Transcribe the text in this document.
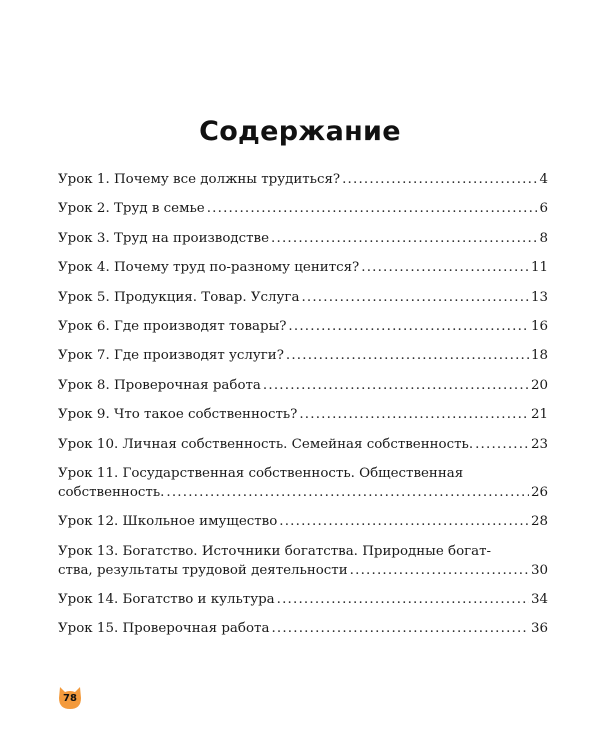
Содержание
Урок 1. Почему все должны трудиться? .....	4
Урок 2. Труд в семье .....	6
Урок 3. Труд на производстве .....	8
Урок 4. Почему труд по-разному ценится? .....	11
Урок 5. Продукция. Товар. Услуга .....	13
Урок 6. Где производят товары? .....	16
Урок 7. Где производят услуги? .....	18
Урок 8. Проверочная работа .....	20
Урок 9. Что такое собственность? .....	21
Урок 10. Личная собственность. Семейная собственность. .....	23
Урок 11. Государственная собственность. Общественная
собственность. .....	26
Урок 12. Школьное имущество .....	28
Урок 13. Богатство. Источники богатства. Природные богат-
ства, результаты трудовой деятельности .....	30
Урок 14. Богатство и культура .....	34
Урок 15. Проверочная работа .....	36
78
